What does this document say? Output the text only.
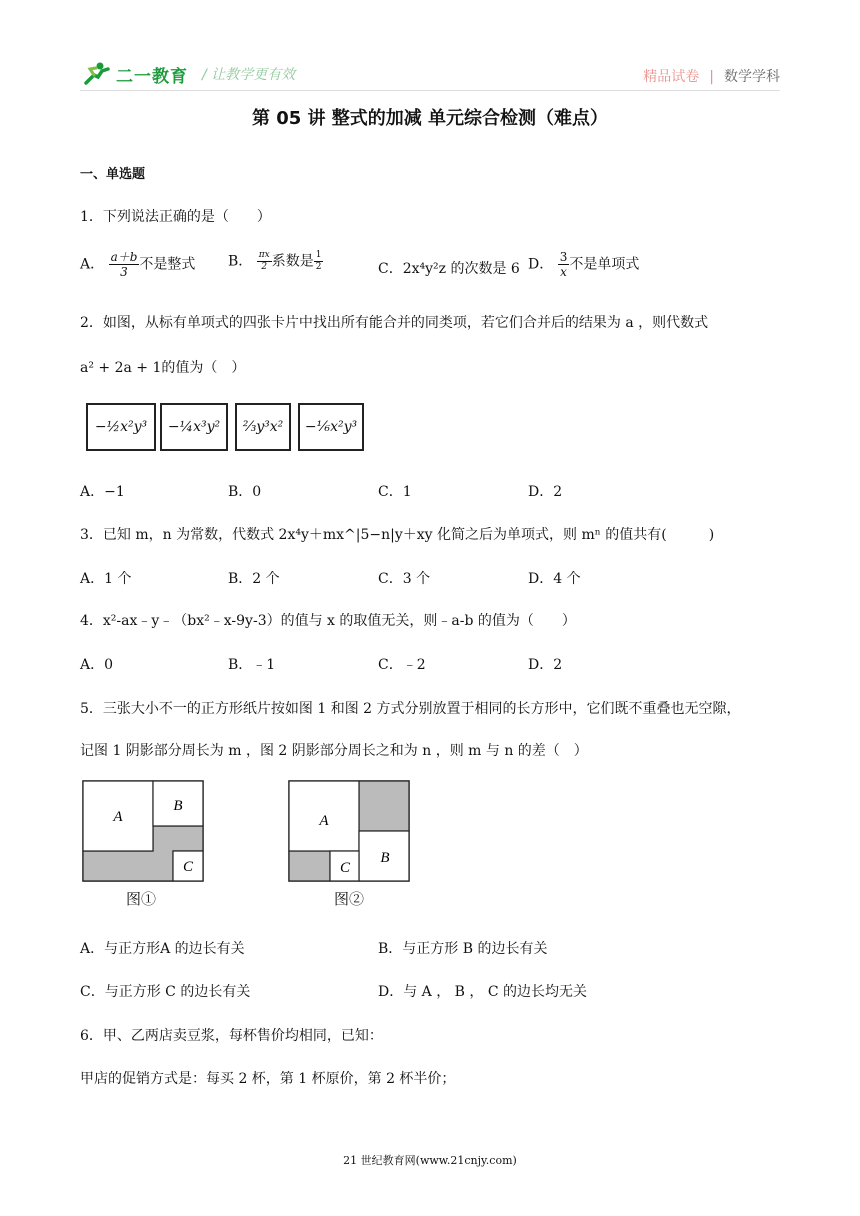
二一教育 / 让教学更有效	精品试卷 | 数学学科
第 05 讲 整式的加减 单元综合检测（难点）
一、单选题
1．下列说法正确的是（　　）
A． $\frac{a+b}{3}$ 不是整式 B． $\frac{\pi x}{2}$ 系数是 $\frac{1}{2}$	C．2x⁴y²z 的次数是 6 D． $\frac{3}{x}$ 不是单项式
2．如图，从标有单项式的四张卡片中找出所有能合并的同类项，若它们合并后的结果为 a ，则代数式
a² + 2a + 1的值为（　）
−½x²y³	−¼x³y²	⅔y³x²	−⅙x²y³
A．−1	B．0	C．1	D．2
3．已知 m，n 为常数，代数式 2x⁴y＋mx^|5−n|y＋xy 化简之后为单项式，则 mⁿ 的值共有(　　　)
A．1 个	B．2 个	C．3 个	D．4 个
4．x²-ax﹣y﹣（bx²﹣x-9y-3）的值与 x 的取值无关，则﹣a-b 的值为（　　）
A．0	B．﹣1	C．﹣2	D．2
5．三张大小不一的正方形纸片按如图 1 和图 2 方式分别放置于相同的长方形中，它们既不重叠也无空隙，
记图 1 阴影部分周长为 m ，图 2 阴影部分周长之和为 n ，则 m 与 n 的差（　）
A
B
C
图①
A
B
C
图②
A．与正方形A 的边长有关	B．与正方形 B 的边长有关
C．与正方形 C 的边长有关	D．与 A ， B ， C 的边长均无关
6．甲、乙两店卖豆浆，每杯售价均相同，已知：
甲店的促销方式是：每买 2 杯，第 1 杯原价，第 2 杯半价；
21 世纪教育网(www.21cnjy.com)
